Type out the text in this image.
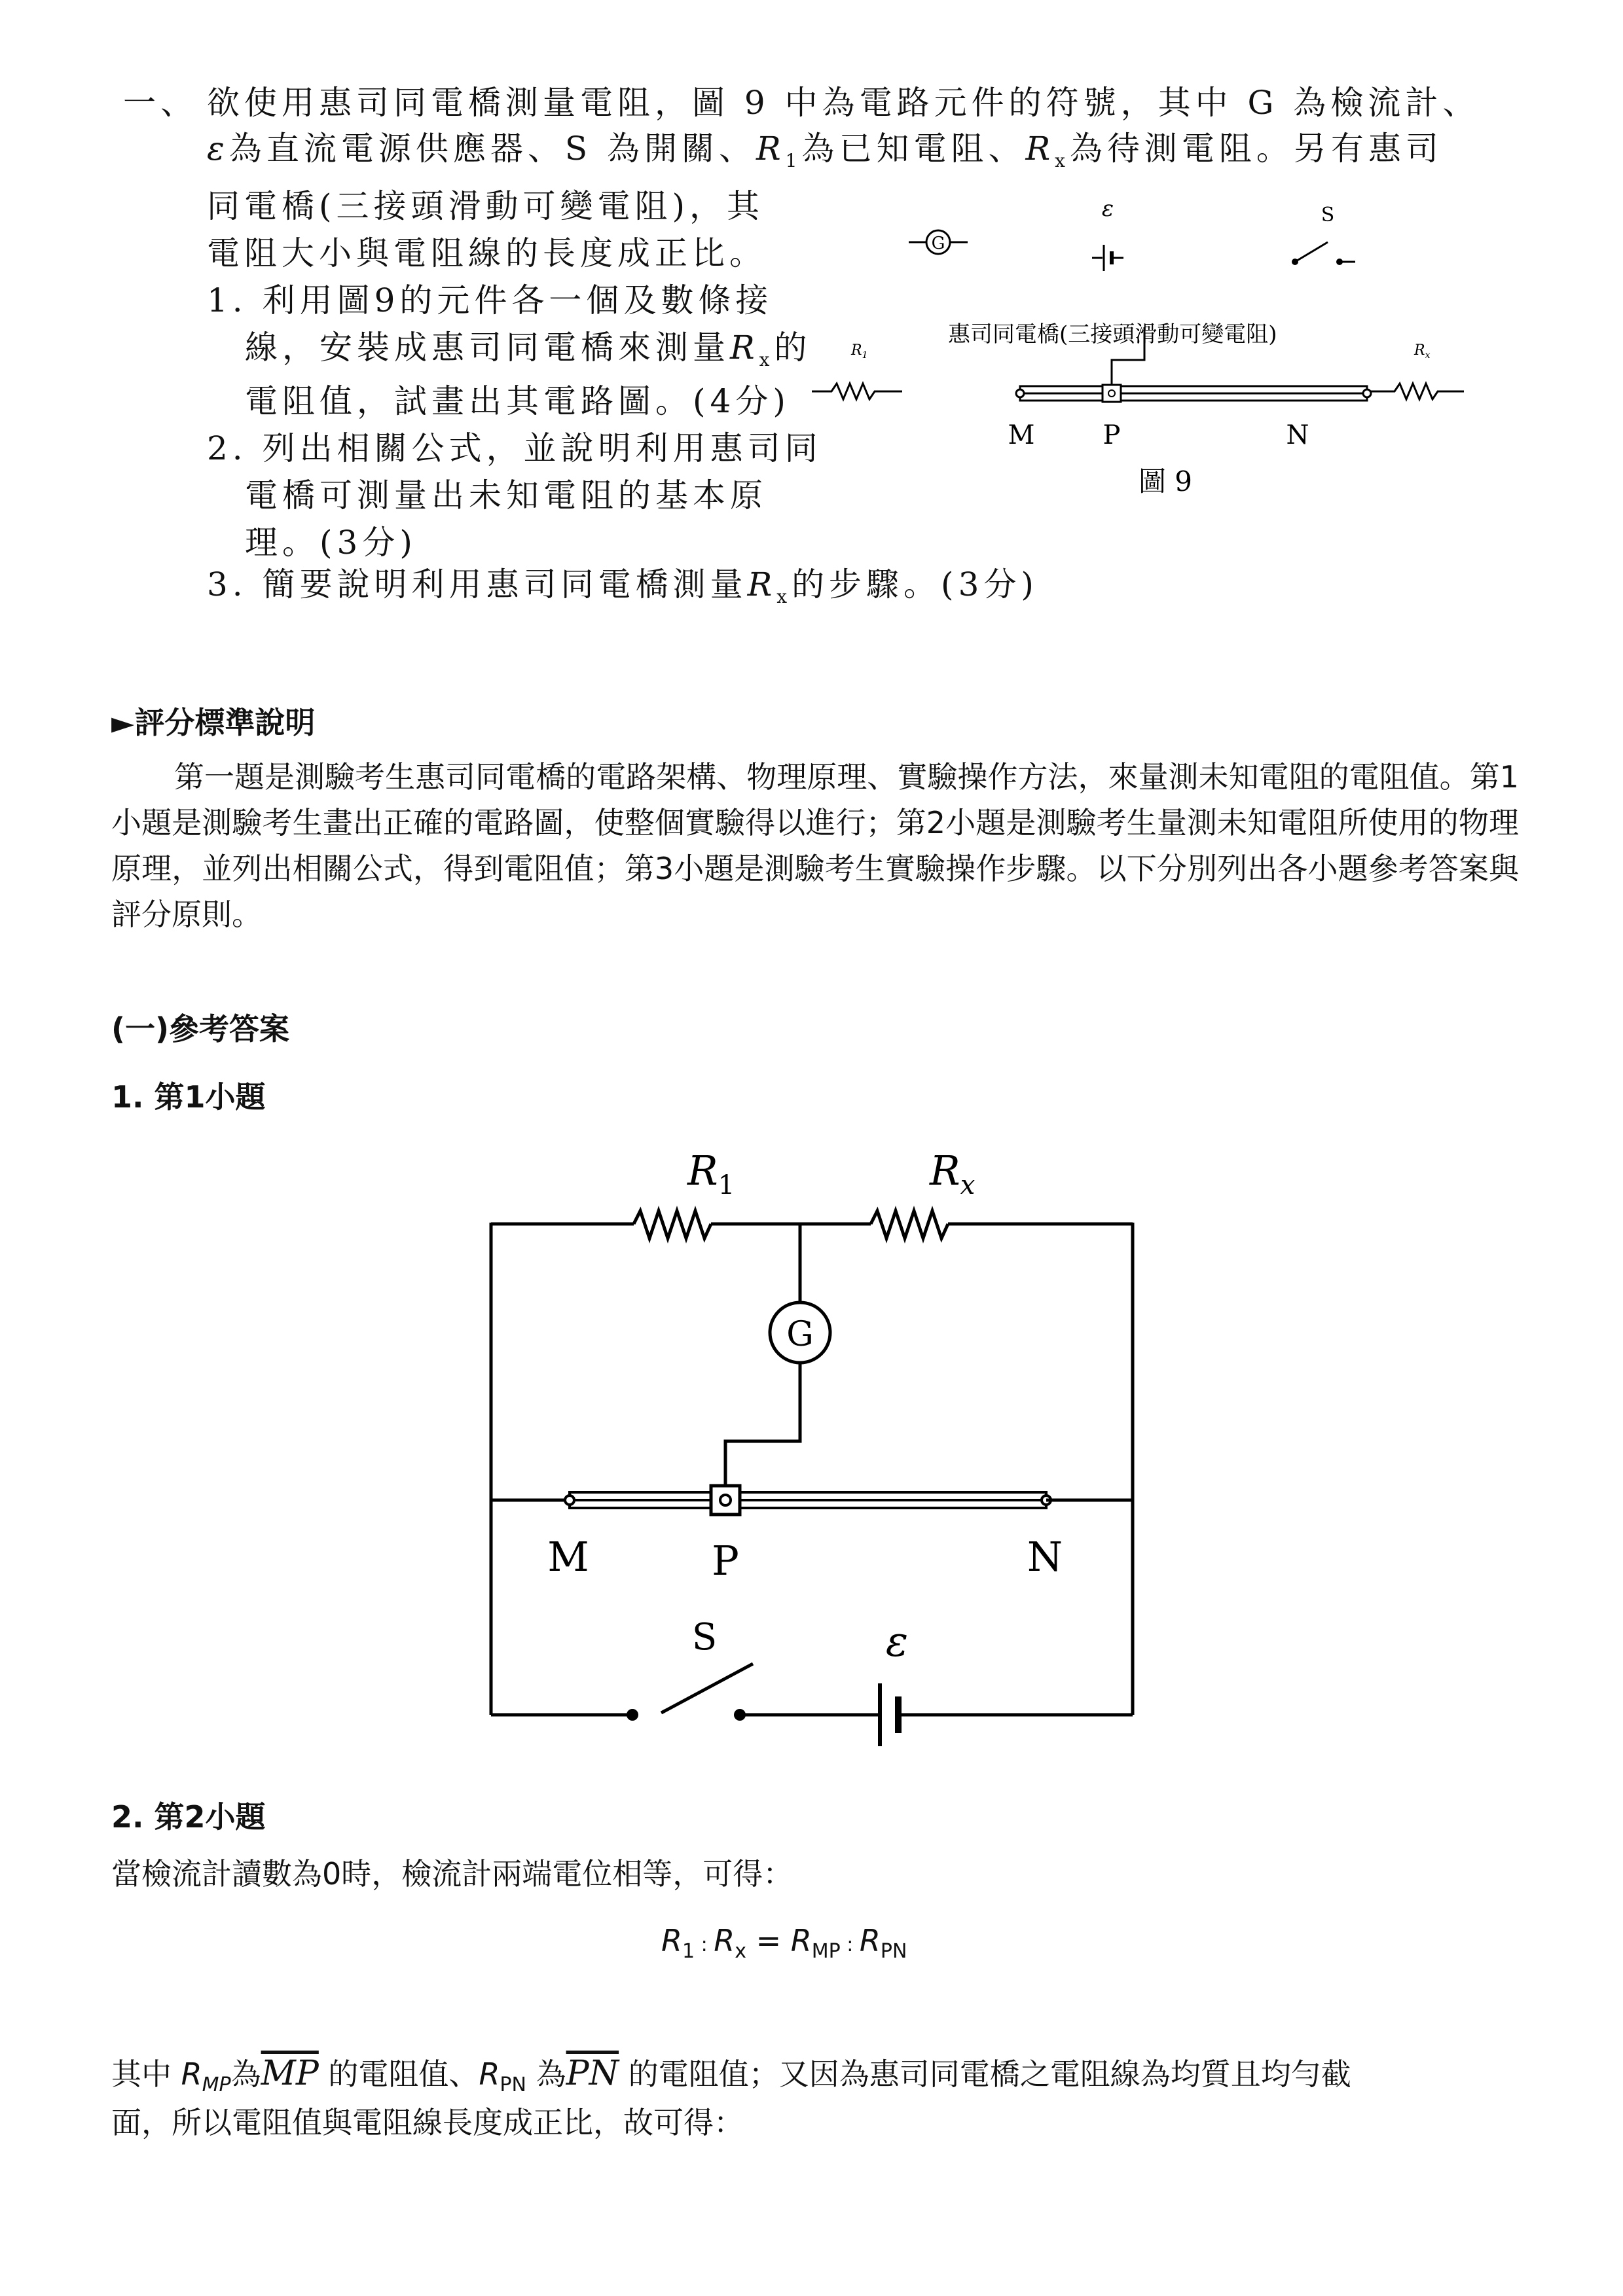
一、 欲使用惠司同電橋測量電阻，圖 9 中為電路元件的符號，其中 G 為檢流計、
ε為直流電源供應器、S 為開關、$R_1$為已知電阻、$R_x$為待測電阻。另有惠司
同電橋(三接頭滑動可變電阻)，其
電阻大小與電阻線的長度成正比。
1. 利用圖9的元件各一個及數條接
線，安裝成惠司同電橋來測量$R_x$的
電阻值，試畫出其電路圖。(4分)
2. 列出相關公式，並說明利用惠司同
電橋可測量出未知電阻的基本原
理。(3分)
3. 簡要說明利用惠司同電橋測量$R_x$的步驟。(3分)
G
ε	S
$R_1$	$R_x$
惠司同電橋(三接頭滑動可變電阻)
M	P	N
圖 9
►評分標準說明
第一題是測驗考生惠司同電橋的電路架構、物理原理、實驗操作方法，來量測未知電阻的電阻值。第1小題是測驗考生畫出正確的電路圖，使整個實驗得以進行；第2小題是測驗考生量測未知電阻所使用的物理原理，並列出相關公式，得到電阻值；第3小題是測驗考生實驗操作步驟。以下分別列出各小題參考答案與評分原則。
(一)參考答案
1. 第1小題
$R_1$	$R_x$
G
M	P	N
S	ε
2. 第2小題
當檢流計讀數為0時，檢流計兩端電位相等，可得：
$R_1$ : $R_x = R_{MP}$ : $R_{PN}$
其中 $R_{MP}$為$\overline{MP}$ 的電阻值、$R_{PN}$ 為$\overline{PN}$ 的電阻值；又因為惠司同電橋之電阻線為均質且均勻截
面，所以電阻值與電阻線長度成正比，故可得：
